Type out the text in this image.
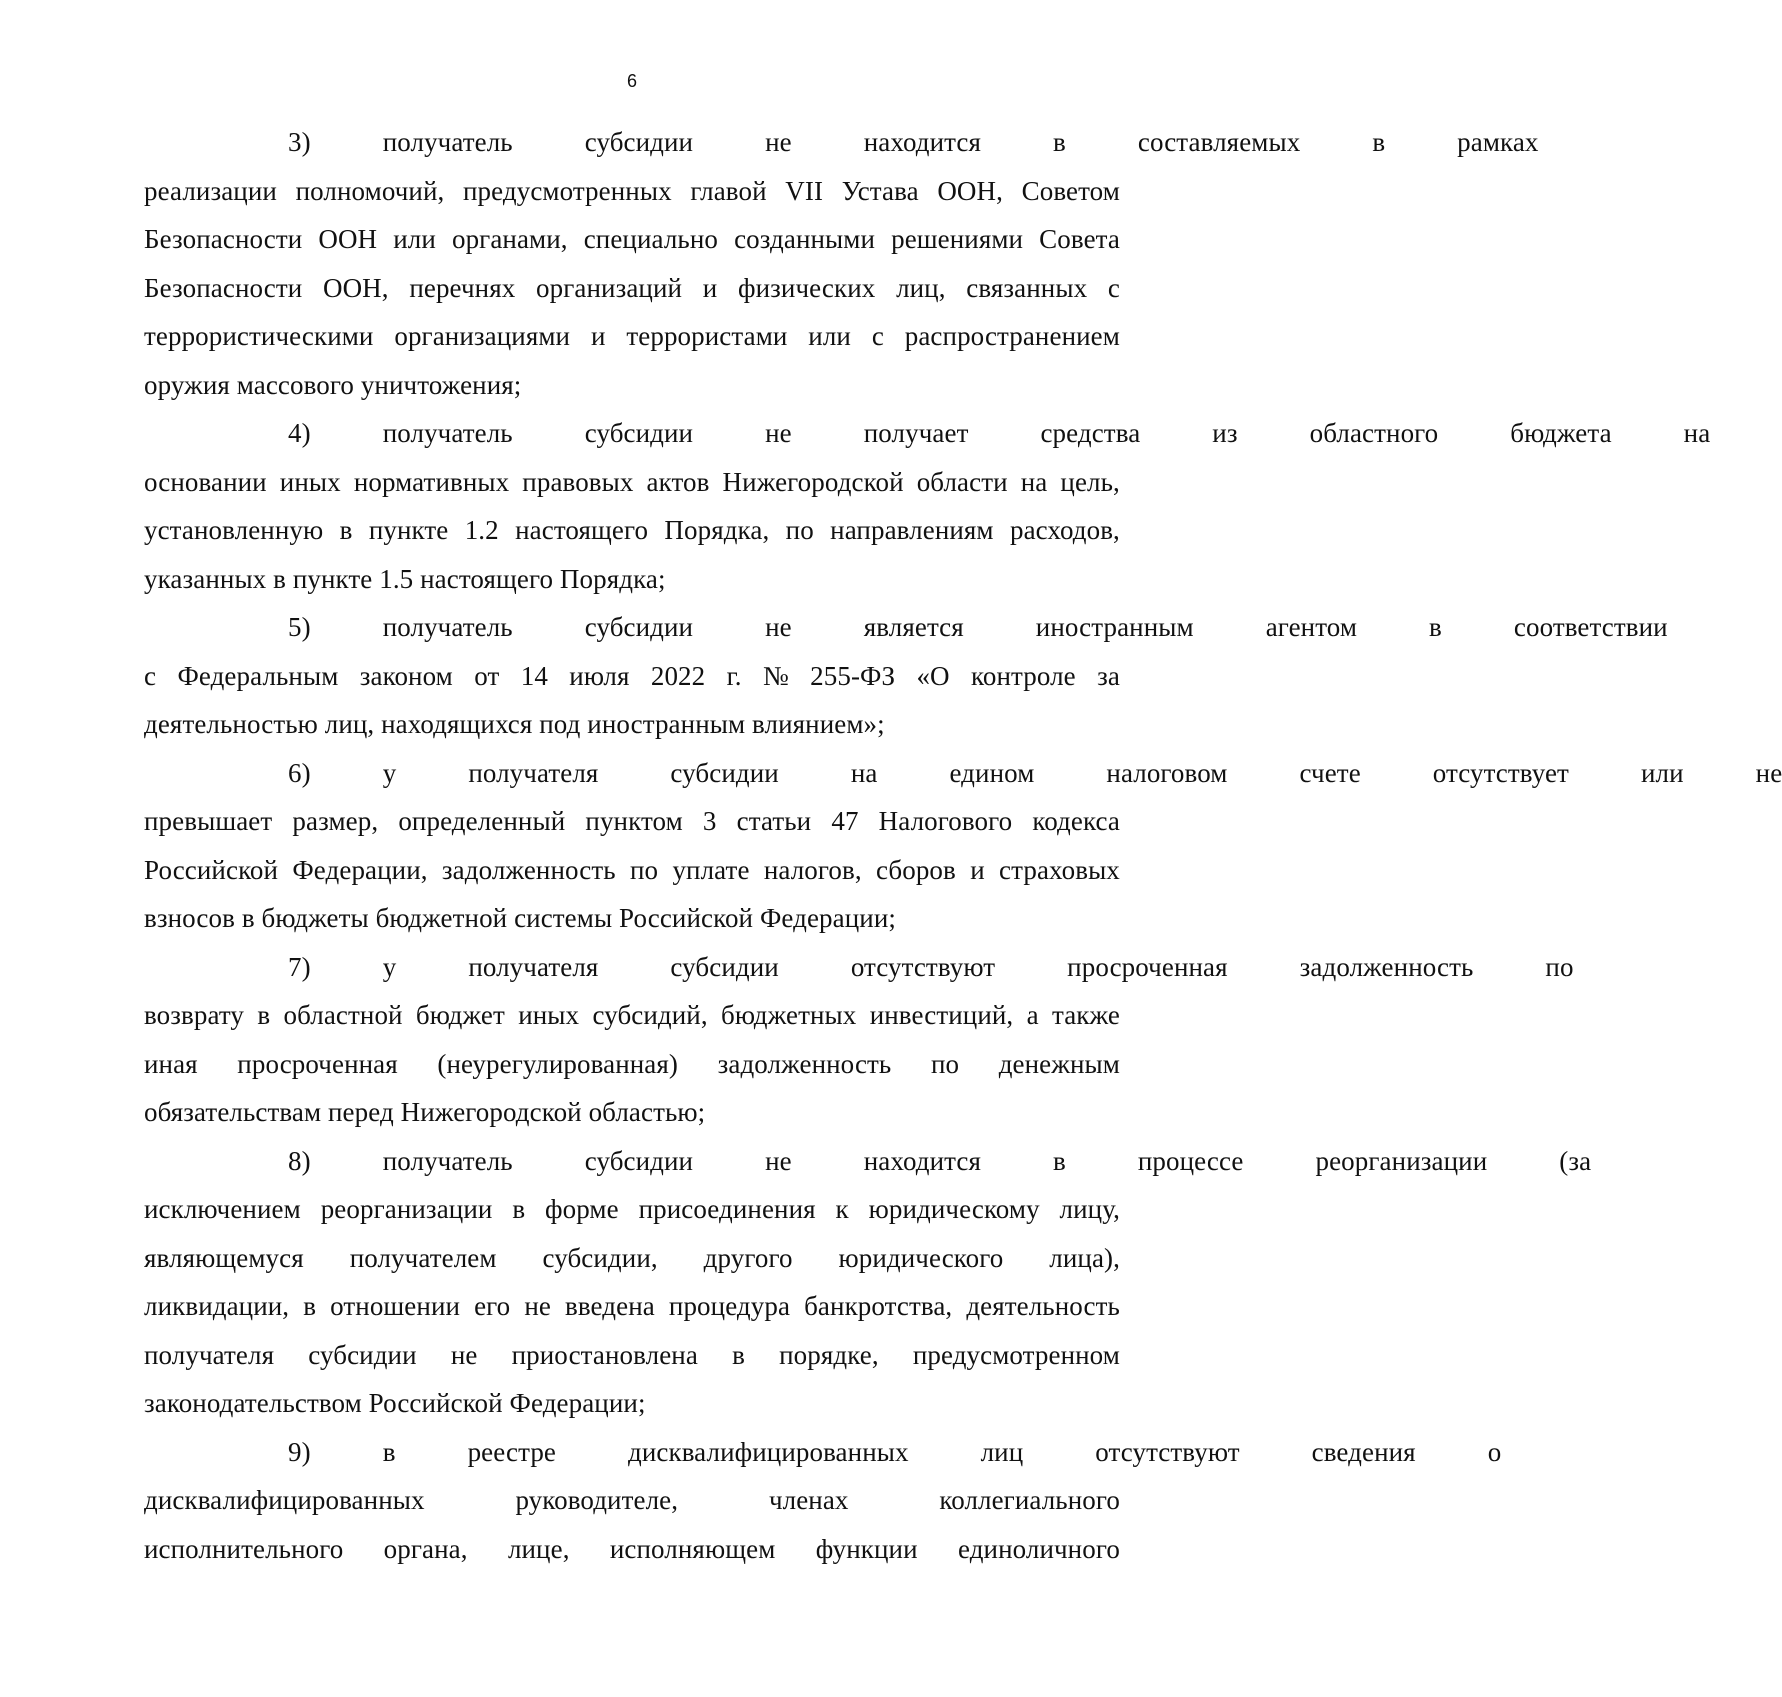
6

3)	получатель	субсидии	не	находится	в	составляемых	в	рамках
реализации полномочий, предусмотренных главой VII Устава ООН, Советом
Безопасности ООН или органами, специально созданными решениями Совета
Безопасности ООН, перечнях организаций и физических лиц, связанных с
террористическими организациями и террористами или с распространением
оружия массового уничтожения;

4)	получатель	субсидии	не	получает	средства	из	областного	бюджета	на
основании иных нормативных правовых актов Нижегородской области на цель,
установленную в пункте 1.2 настоящего Порядка, по направлениям расходов,
указанных в пункте 1.5 настоящего Порядка;

5)	получатель	субсидии	не	является	иностранным	агентом	в	соответствии
с Федеральным законом от 14 июля 2022 г. № 255-ФЗ «О контроле за
деятельностью лиц, находящихся под иностранным влиянием»;

6)	у	получателя	субсидии	на	едином	налоговом	счете	отсутствует	или	не
превышает размер, определенный пунктом 3 статьи 47 Налогового кодекса
Российской Федерации, задолженность по уплате налогов, сборов и страховых
взносов в бюджеты бюджетной системы Российской Федерации;

7)	у	получателя	субсидии	отсутствуют	просроченная	задолженность	по
возврату в областной бюджет иных субсидий, бюджетных инвестиций, а также
иная просроченная (неурегулированная) задолженность по денежным
обязательствам перед Нижегородской областью;

8)	получатель	субсидии	не	находится	в	процессе	реорганизации	(за
исключением реорганизации в форме присоединения к юридическому лицу,
являющемуся получателем субсидии, другого юридического лица),
ликвидации, в отношении его не введена процедура банкротства, деятельность
получателя субсидии не приостановлена в порядке, предусмотренном
законодательством Российской Федерации;

9)	в	реестре	дисквалифицированных	лиц	отсутствуют	сведения	о
дисквалифицированных	руководителе,	членах	коллегиального
исполнительного органа, лице, исполняющем функции единоличного
